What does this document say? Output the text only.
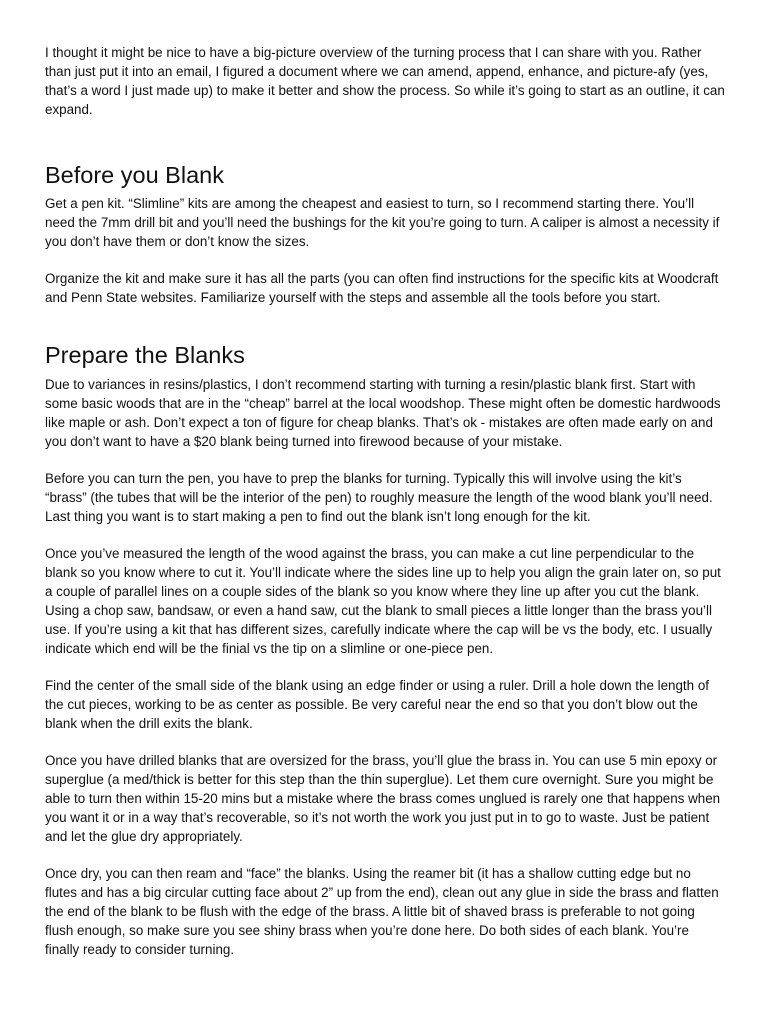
I thought it might be nice to have a big-picture overview of the turning process that I can share with you. Rather than just put it into an email, I figured a document where we can amend, append, enhance, and picture-afy (yes, that’s a word I just made up) to make it better and show the process. So while it’s going to start as an outline, it can expand.

Before you Blank

Get a pen kit. “Slimline” kits are among the cheapest and easiest to turn, so I recommend starting there. You’ll need the 7mm drill bit and you’ll need the bushings for the kit you’re going to turn. A caliper is almost a necessity if you don’t have them or don’t know the sizes.

Organize the kit and make sure it has all the parts (you can often find instructions for the specific kits at Woodcraft and Penn State websites. Familiarize yourself with the steps and assemble all the tools before you start.

Prepare the Blanks

Due to variances in resins/plastics, I don’t recommend starting with turning a resin/plastic blank first. Start with some basic woods that are in the “cheap” barrel at the local woodshop. These might often be domestic hardwoods like maple or ash. Don’t expect a ton of figure for cheap blanks. That’s ok - mistakes are often made early on and you don’t want to have a $20 blank being turned into firewood because of your mistake.

Before you can turn the pen, you have to prep the blanks for turning. Typically this will involve using the kit’s “brass” (the tubes that will be the interior of the pen) to roughly measure the length of the wood blank you’ll need. Last thing you want is to start making a pen to find out the blank isn’t long enough for the kit.

Once you’ve measured the length of the wood against the brass, you can make a cut line perpendicular to the blank so you know where to cut it. You’ll indicate where the sides line up to help you align the grain later on, so put a couple of parallel lines on a couple sides of the blank so you know where they line up after you cut the blank. Using a chop saw, bandsaw, or even a hand saw, cut the blank to small pieces a little longer than the brass you’ll use. If you’re using a kit that has different sizes, carefully indicate where the cap will be vs the body, etc. I usually indicate which end will be the finial vs the tip on a slimline or one-piece pen.

Find the center of the small side of the blank using an edge finder or using a ruler. Drill a hole down the length of the cut pieces, working to be as center as possible. Be very careful near the end so that you don’t blow out the blank when the drill exits the blank.

Once you have drilled blanks that are oversized for the brass, you’ll glue the brass in. You can use 5 min epoxy or superglue (a med/thick is better for this step than the thin superglue). Let them cure overnight. Sure you might be able to turn then within 15-20 mins but a mistake where the brass comes unglued is rarely one that happens when you want it or in a way that’s recoverable, so it’s not worth the work you just put in to go to waste. Just be patient and let the glue dry appropriately.

Once dry, you can then ream and “face” the blanks. Using the reamer bit (it has a shallow cutting edge but no flutes and has a big circular cutting face about 2” up from the end), clean out any glue in side the brass and flatten the end of the blank to be flush with the edge of the brass. A little bit of shaved brass is preferable to not going flush enough, so make sure you see shiny brass when you’re done here. Do both sides of each blank. You’re finally ready to consider turning.
